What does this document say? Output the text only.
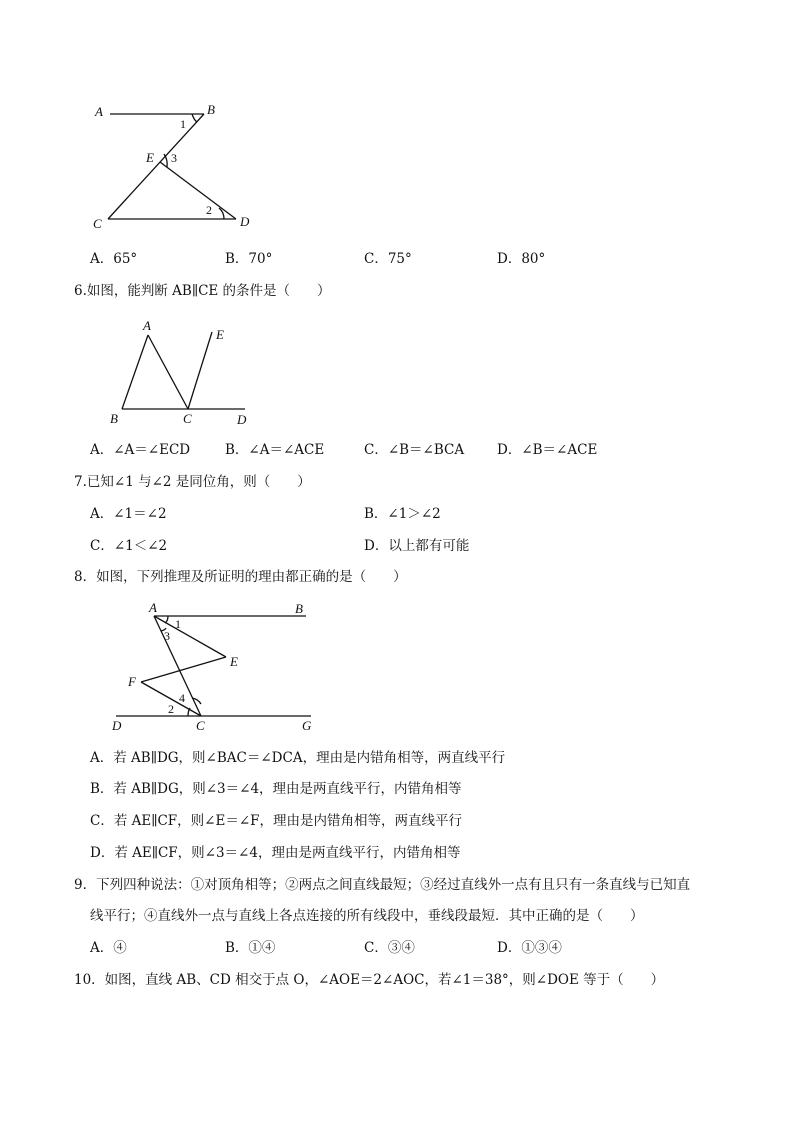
A	B
E
C	D
1
3
2
A．65°	B．70°	C．75°	D．80°
6.如图，能判断 AB∥CE 的条件是（　　）
A
E
B	C	D
A．∠A＝∠ECD	B．∠A＝∠ACE	C．∠B＝∠BCA D．∠B＝∠ACE
7.已知∠1 与∠2 是同位角，则（　　）
A．∠1＝∠2	B．∠1＞∠2
C．∠1＜∠2	D．以上都有可能
8．如图，下列推理及所证明的理由都正确的是（　　）
A	B
E
F
D	C	G
1
3
4
2
A．若 AB∥DG，则∠BAC＝∠DCA，理由是内错角相等，两直线平行
B．若 AB∥DG，则∠3＝∠4，理由是两直线平行，内错角相等
C．若 AE∥CF，则∠E＝∠F，理由是内错角相等，两直线平行
D．若 AE∥CF，则∠3＝∠4，理由是两直线平行，内错角相等
9．下列四种说法：①对顶角相等；②两点之间直线最短；③经过直线外一点有且只有一条直线与已知直
线平行；④直线外一点与直线上各点连接的所有线段中，垂线段最短．其中正确的是（　　）
A．④	B．①④	C．③④	D．①③④
10．如图，直线 AB、CD 相交于点 O，∠AOE＝2∠AOC，若∠1＝38°，则∠DOE 等于（　　）
